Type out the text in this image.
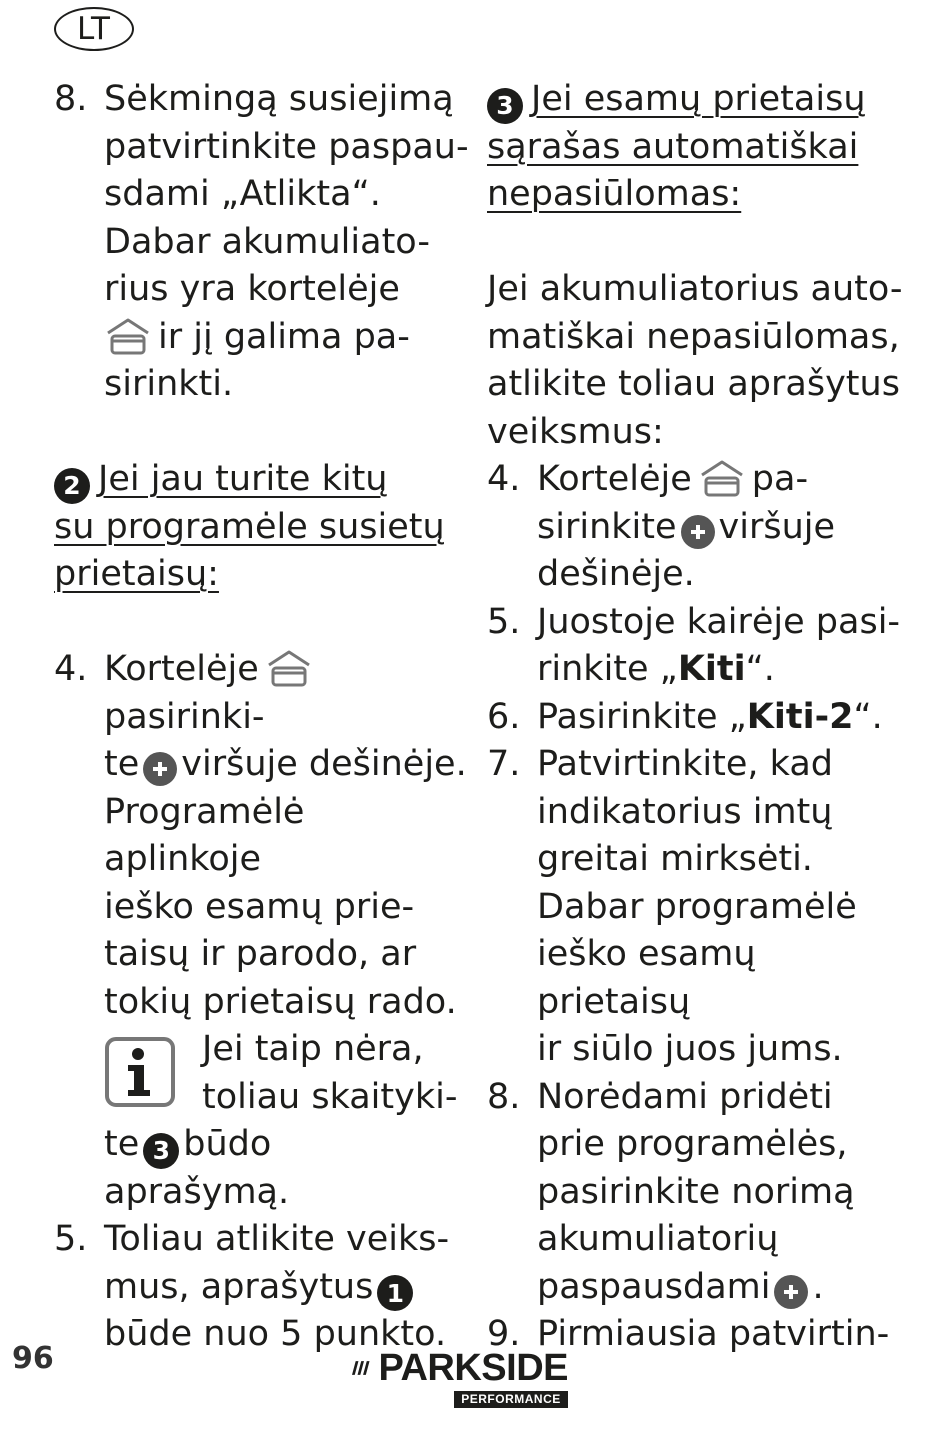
LT
8. Sėkmingą susiejimą
patvirtinkite paspau-
sdami „Atlikta“.
Dabar akumuliato-
rius yra kortelėje
ir jį galima pa-
sirinkti.
2 Jei jau turite kitų
su programėle susietų
prietaisų:
4. Kortelėjepasirinki-
te viršuje dešinėje.
Programėlė aplinkoje
ieško esamų prie-
taisų ir parodo, ar
tokių prietaisų rado.
Jei taip nėra,
toliau skaityki-
te 3 būdo
aprašymą.
5. Toliau atlikite veiks-
mus, aprašytus 1
būde nuo 5 punkto.
3 Jei esamų prietaisų
sąrašas automatiškai
nepasiūlomas:
Jei akumuliatorius auto-
matiškai nepasiūlomas,
atlikite toliau aprašytus
veiksmus:
4. Kortelėje pa-
sirinkite viršuje
dešinėje.
5. Juostoje kairėje pasi-
rinkite „Kiti“.
6. Pasirinkite „Kiti-2“.
7. Patvirtinkite, kad
indikatorius imtų
greitai mirksėti.
Dabar programėlė
ieško esamų prietaisų
ir siūlo juos jums.
8. Norėdami pridėti
prie programėlės,
pasirinkite norimą
akumuliatorių
paspausdami .
9. Pirmiausia patvirtin-
96	PARKSIDE
PERFORMANCE
